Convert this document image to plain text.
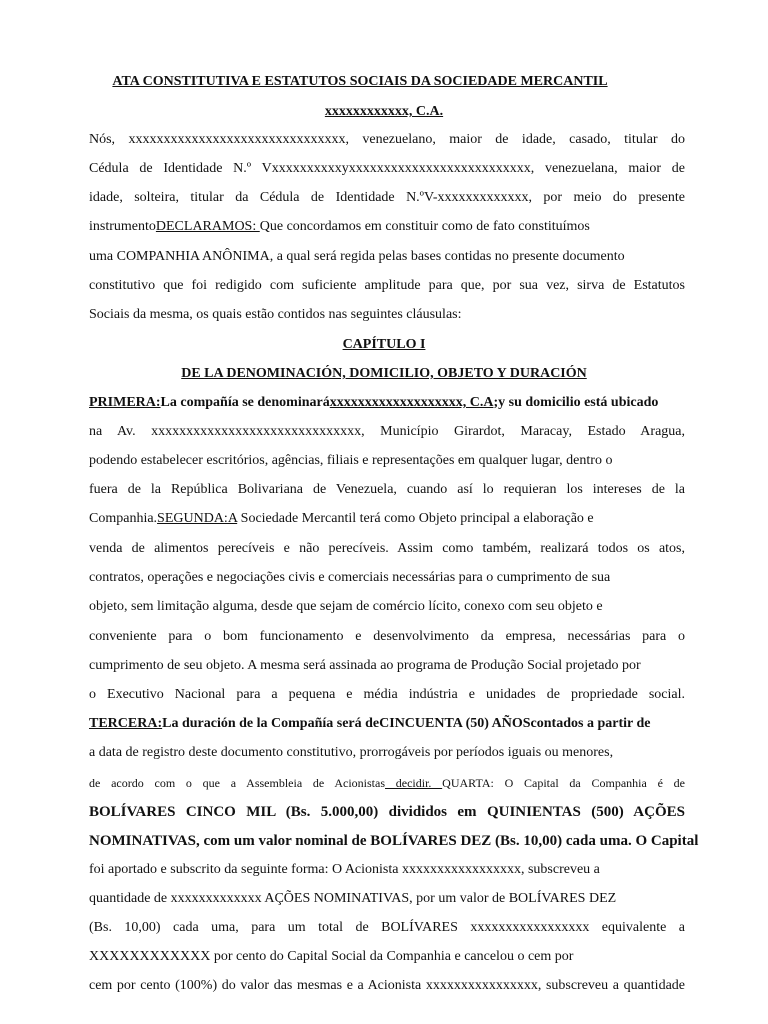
ATA CONSTITUTIVA E ESTATUTOS SOCIAIS DA SOCIEDADE MERCANTIL
xxxxxxxxxxxx, C.A.
Nós, xxxxxxxxxxxxxxxxxxxxxxxxxxxxxxx, venezuelano, maior de idade, casado, titular do
Cédula de Identidade N.º Vxxxxxxxxxxyxxxxxxxxxxxxxxxxxxxxxxxxxx, venezuelana, maior de
idade, solteira, titular da Cédula de Identidade N.ºV-xxxxxxxxxxxxx, por meio do presente
instrumentoDECLARAMOS: Que concordamos em constituir como de fato constituímos
uma COMPANHIA ANÔNIMA, a qual será regida pelas bases contidas no presente documento
constitutivo que foi redigido com suficiente amplitude para que, por sua vez, sirva de Estatutos
Sociais da mesma, os quais estão contidos nas seguintes cláusulas:
CAPÍTULO I
DE LA DENOMINACIÓN, DOMICILIO, OBJETO Y DURACIÓN
PRIMERA:La compañía se denominaráxxxxxxxxxxxxxxxxxxx, C.A;y su domicilio está ubicado
na Av. xxxxxxxxxxxxxxxxxxxxxxxxxxxxxx, Município Girardot, Maracay, Estado Aragua,
podendo estabelecer escritórios, agências, filiais e representações em qualquer lugar, dentro o
fuera de la República Bolivariana de Venezuela, cuando así lo requieran los intereses de la
Companhia.SEGUNDA:A Sociedade Mercantil terá como Objeto principal a elaboração e
venda de alimentos perecíveis e não perecíveis. Assim como também, realizará todos os atos,
contratos, operações e negociações civis e comerciais necessárias para o cumprimento de sua
objeto, sem limitação alguma, desde que sejam de comércio lícito, conexo com seu objeto e
conveniente para o bom funcionamento e desenvolvimento da empresa, necessárias para o
cumprimento de seu objeto. A mesma será assinada ao programa de Produção Social projetado por
o Executivo Nacional para a pequena e média indústria e unidades de propriedade social.
TERCERA:La duración de la Compañía será deCINCUENTA (50) AÑOScontados a partir de
a data de registro deste documento constitutivo, prorrogáveis por períodos iguais ou menores,
de acordo com o que a Assembleia de Acionistas decidir. QUARTA: O Capital da Companhia é de
BOLÍVARES CINCO MIL (Bs. 5.000,00) divididos em QUINIENTAS (500) AÇÕES
NOMINATIVAS, com um valor nominal de BOLÍVARES DEZ (Bs. 10,00) cada uma. O Capital
foi aportado e subscrito da seguinte forma: O Acionista xxxxxxxxxxxxxxxxx, subscreveu a
quantidade de xxxxxxxxxxxxx AÇÕES NOMINATIVAS, por um valor de BOLÍVARES DEZ
(Bs. 10,00) cada uma, para um total de BOLÍVARES xxxxxxxxxxxxxxxxx equivalente a
XXXXXXXXXXXX por cento do Capital Social da Companhia e cancelou o cem por
cem por cento (100%) do valor das mesmas e a Acionista xxxxxxxxxxxxxxxx, subscreveu a quantidade
